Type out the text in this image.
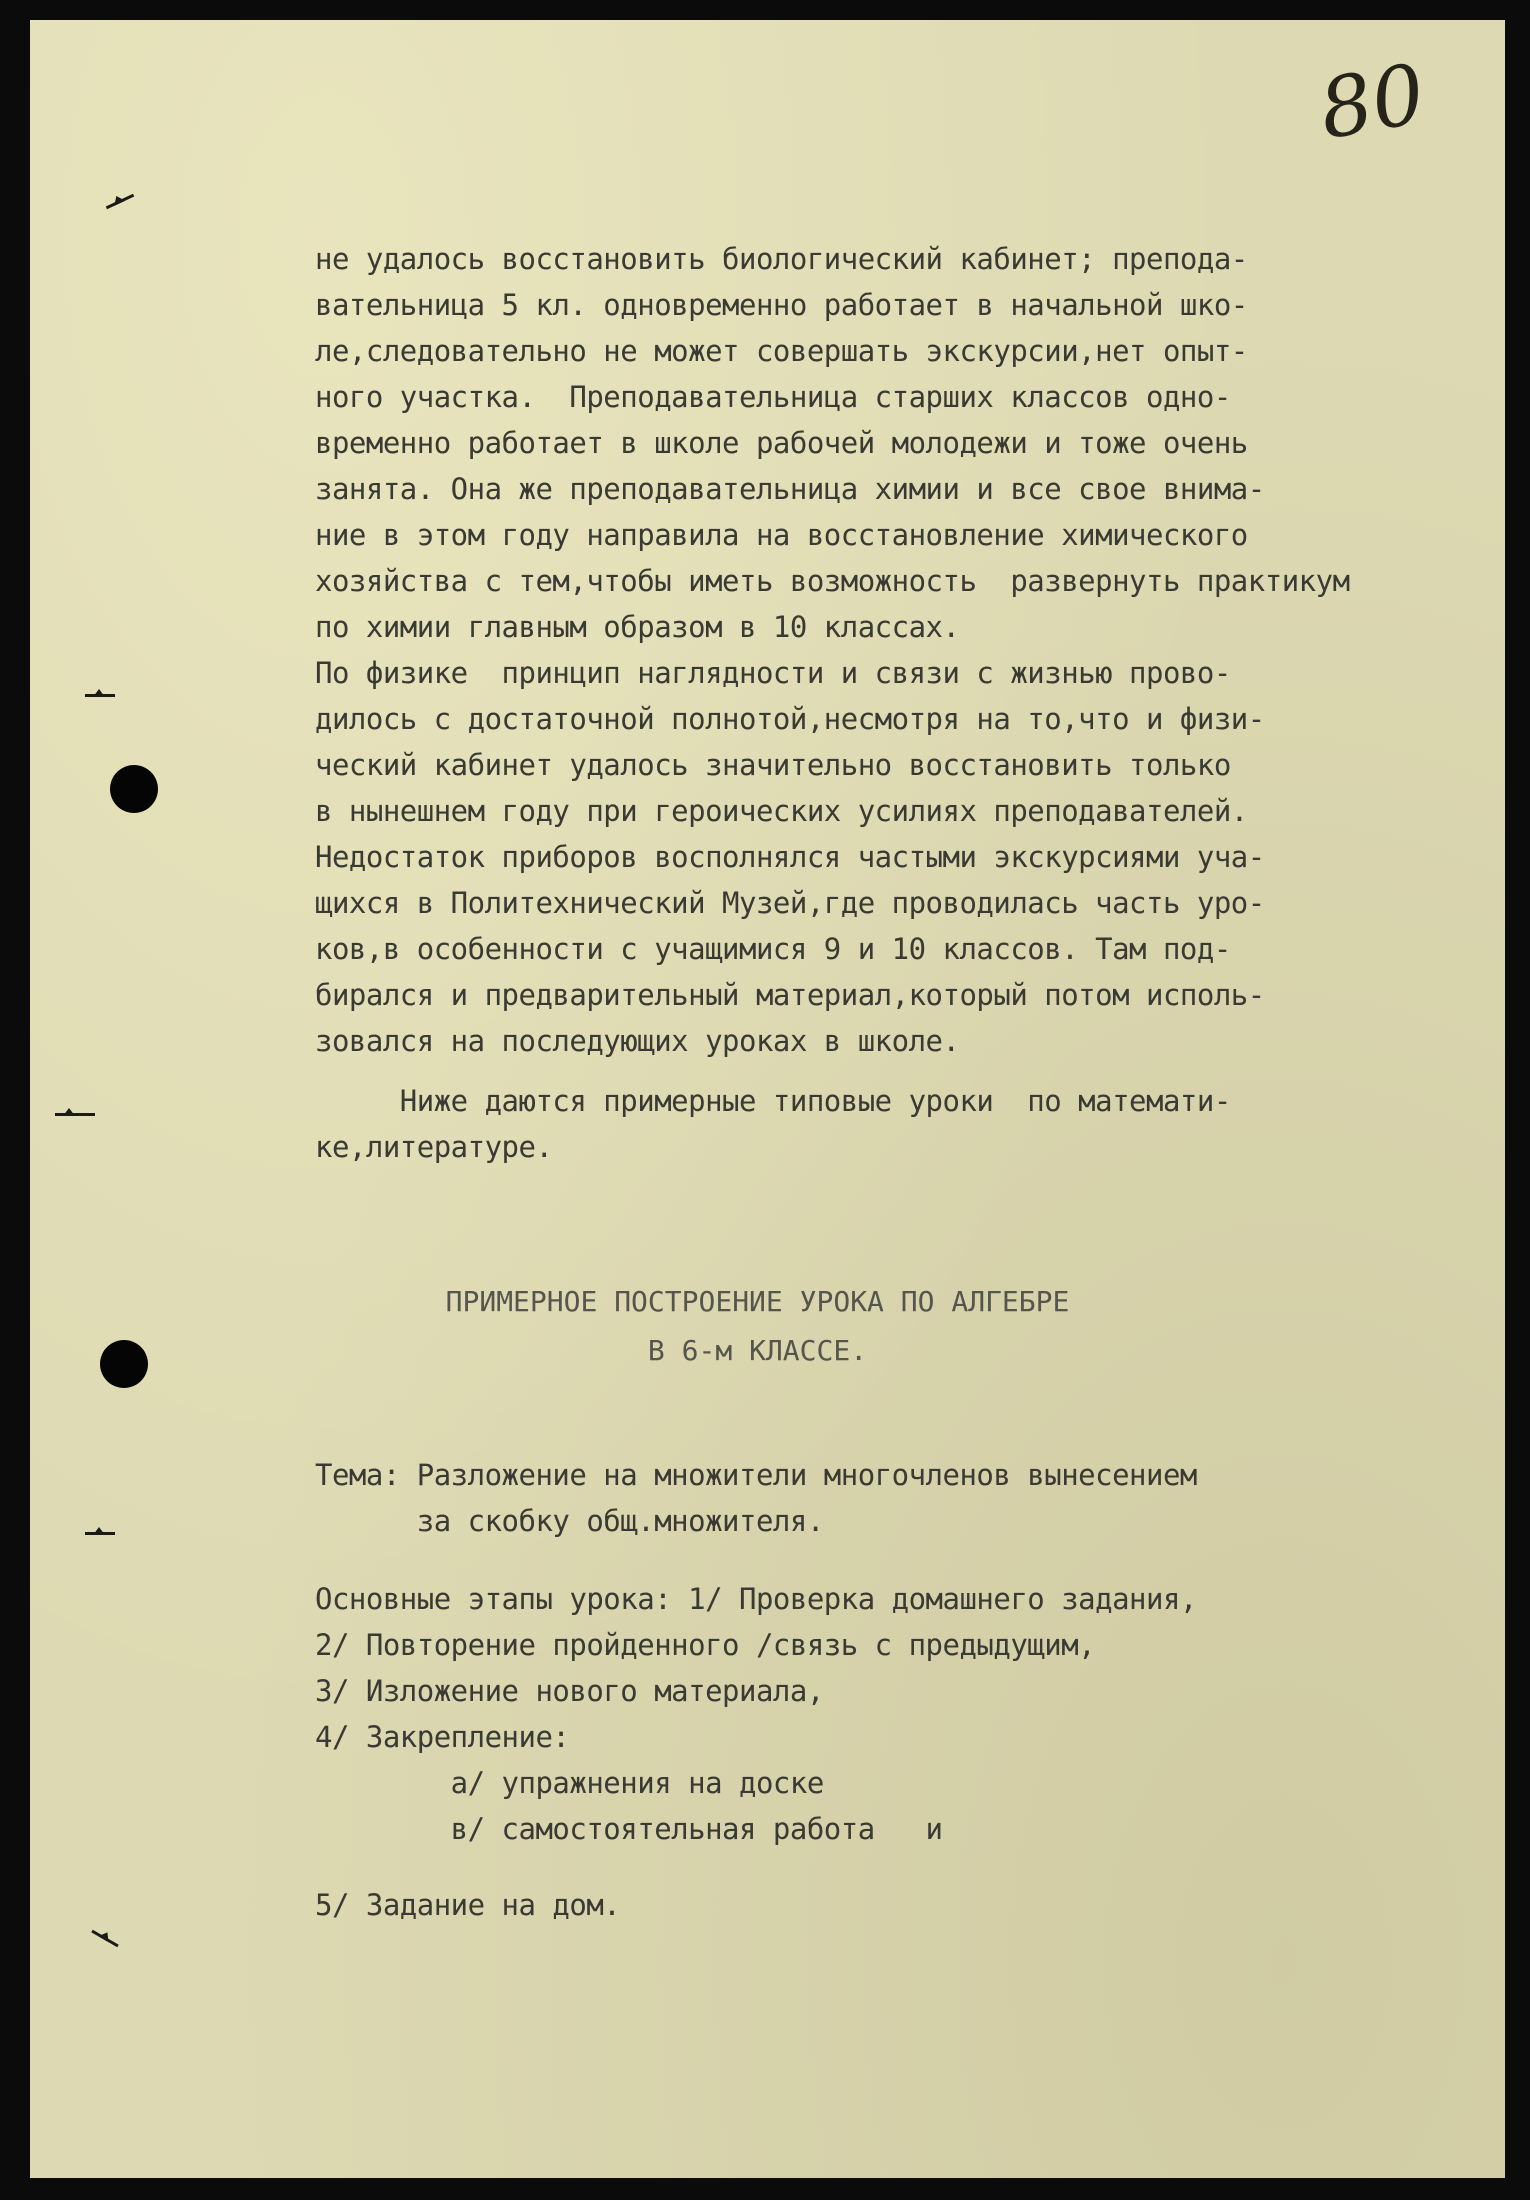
80
не удалось восстановить биологический кабинет; препода-
вательница 5 кл. одновременно работает в начальной шко-
ле,следовательно не может совершать экскурсии,нет опыт-
ного участка.  Преподавательница старших классов одно-
временно работает в школе рабочей молодежи и тоже очень
занята. Она же преподавательница химии и все свое внима-
ние в этом году направила на восстановление химического
хозяйства с тем,чтобы иметь возможность  развернуть практикум
по химии главным образом в 10 классах.
По физике  принцип наглядности и связи с жизнью прово-
дилось с достаточной полнотой,несмотря на то,что и физи-
ческий кабинет удалось значительно восстановить только
в нынешнем году при героических усилиях преподавателей.
Недостаток приборов восполнялся частыми экскурсиями уча-
щихся в Политехнический Музей,где проводилась часть уро-
ков,в особенности с учащимися 9 и 10 классов. Там под-
бирался и предварительный материал,который потом исполь-
зовался на последующих уроках в школе.
Ниже даются примерные типовые уроки  по математи-
ке,литературе.
ПРИМЕРНОЕ ПОСТРОЕНИЕ УРОКА ПО АЛГЕБРЕ
В 6-м КЛАССЕ.
Тема: Разложение на множители многочленов вынесением
за скобку общ.множителя.
Основные этапы урока: 1/ Проверка домашнего задания,
2/ Повторение пройденного /связь с предыдущим,
3/ Изложение нового материала,
4/ Закрепление:
а/ упражнения на доске
в/ самостоятельная работа   и
5/ Задание на дом.
